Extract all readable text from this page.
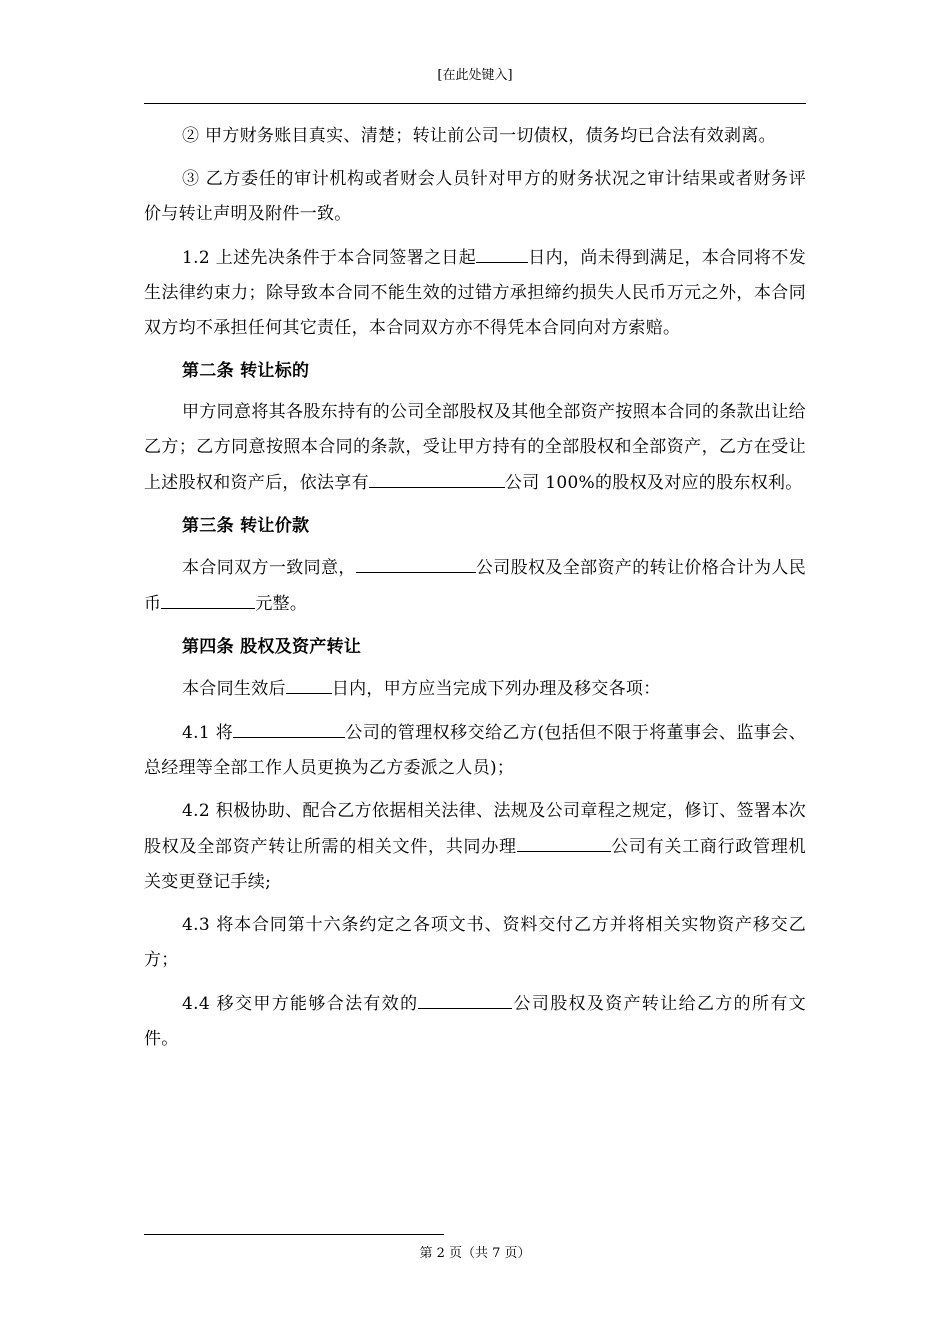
[在此处键入]

② 甲方财务账目真实、清楚；转让前公司一切债权，债务均已合法有效剥离。

③ 乙方委任的审计机构或者财会人员针对甲方的财务状况之审计结果或者财务评价与转让声明及附件一致。

1.2 上述先决条件于本合同签署之日起	日内，尚未得到满足，本合同将不发生法律约束力；除导致本合同不能生效的过错方承担缔约损失人民币万元之外，本合同双方均不承担任何其它责任，本合同双方亦不得凭本合同向对方索赔。

第二条 转让标的

甲方同意将其各股东持有的公司全部股权及其他全部资产按照本合同的条款出让给乙方；乙方同意按照本合同的条款，受让甲方持有的全部股权和全部资产，乙方在受让上述股权和资产后，依法享有	公司 100%的股权及对应的股东权利。

第三条 转让价款

本合同双方一致同意，	公司股权及全部资产的转让价格合计为人民币	元整。

第四条 股权及资产转让

本合同生效后	日内，甲方应当完成下列办理及移交各项：

4.1 将	公司的管理权移交给乙方(包括但不限于将董事会、监事会、总经理等全部工作人员更换为乙方委派之人员)；

4.2 积极协助、配合乙方依据相关法律、法规及公司章程之规定，修订、签署本次股权及全部资产转让所需的相关文件，共同办理	公司有关工商行政管理机关变更登记手续;

4.3 将本合同第十六条约定之各项文书、资料交付乙方并将相关实物资产移交乙方；

4.4 移交甲方能够合法有效的	公司股权及资产转让给乙方的所有文件。

第 2 页（共 7 页）
